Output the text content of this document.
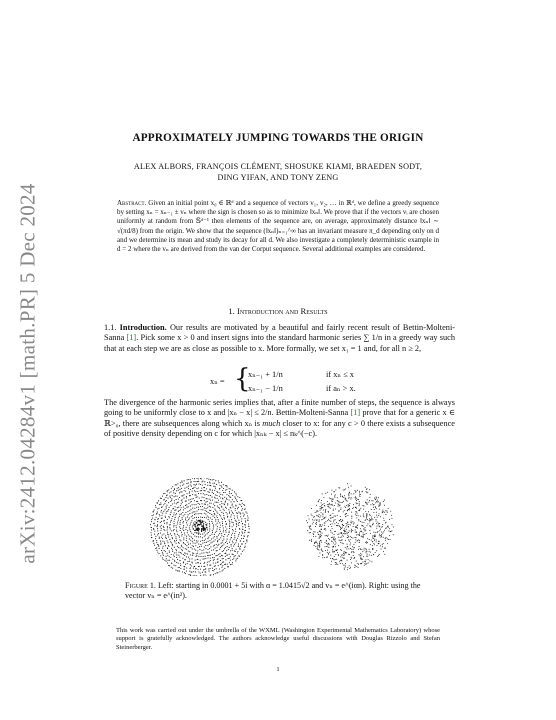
arXiv:2412.04284v1 [math.PR] 5 Dec 2024
APPROXIMATELY JUMPING TOWARDS THE ORIGIN
ALEX ALBORS, FRANÇOIS CLÉMENT, SHOSUKE KIAMI, BRAEDEN SODT,
DING YIFAN, AND TONY ZENG
Abstract. Given an initial point x₀ ∈ ℝᵈ and a sequence of vectors v₁, v₂, … in ℝᵈ, we define a greedy sequence by setting xₙ = xₙ₋₁ ± vₙ where the sign is chosen so as to minimize ‖xₙ‖. We prove that if the vectors vᵢ are chosen uniformly at random from 𝕊ᵈ⁻¹ then elements of the sequence are, on average, approximately distance ‖xₙ‖ ∼ √(πd/8) from the origin. We show that the sequence (‖xₙ‖)ₙ₌₁^∞ has an invariant measure π_d depending only on d and we determine its mean and study its decay for all d. We also investigate a completely deterministic example in d = 2 where the vₙ are derived from the van der Corput sequence. Several additional examples are considered.
1. Introduction and Results
1.1. Introduction. Our results are motivated by a beautiful and fairly recent result of Bettin-Molteni-Sanna [1]. Pick some x > 0 and insert signs into the standard harmonic series ∑ 1/n in a greedy way such that at each step we are as close as possible to x. More formally, we set x₁ = 1 and, for all n ≥ 2,
xₙ = {
xₙ₋₁ + 1/n	if xₙ ≤ x
xₙ₋₁ − 1/n	if aₙ > x.
The divergence of the harmonic series implies that, after a finite number of steps, the sequence is always going to be uniformly close to x and |xₙ − x| ≤ 2/n. Bettin-Molteni-Sanna [1] prove that for a generic x ∈ ℝ>₀, there are subsequences along which xₙ is much closer to x: for any c > 0 there exists a subsequence of positive density depending on c for which |xₙₖ − x| ≤ nₖ^(−c).
Figure 1. Left: starting in 0.0001 + 5i with α = 1.0415√2 and vₙ = e^(iαn). Right: using the vector vₙ = e^(in²).
This work was carried out under the umbrella of the WXML (Washington Experimental Mathematics Laboratory) whose support is gratefully acknowledged. The authors acknowledge useful discussions with Douglas Rizzolo and Stefan Steinerberger.
1
